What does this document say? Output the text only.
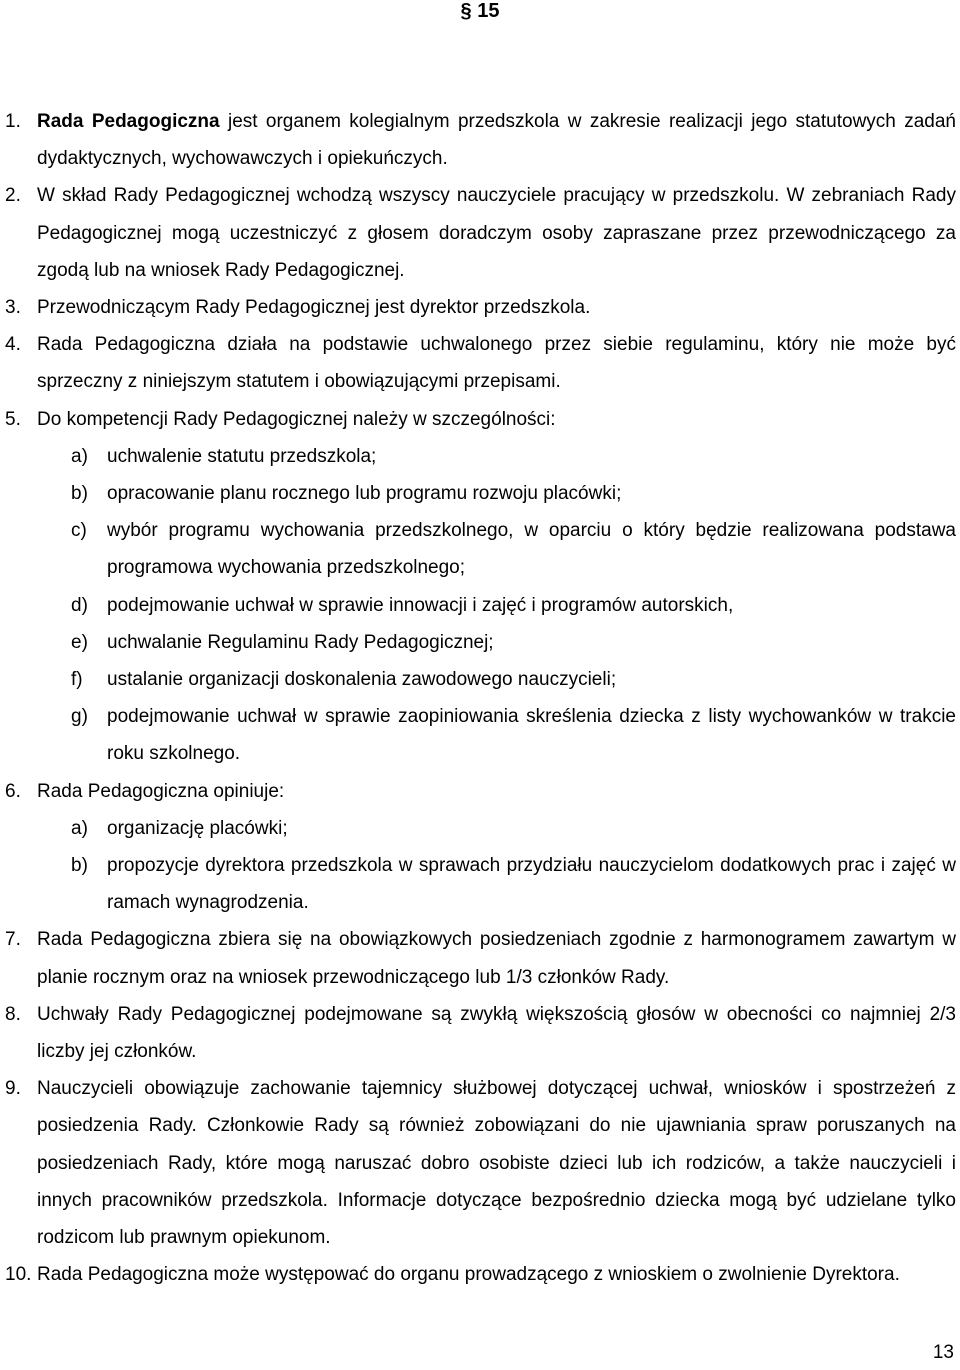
§ 15
1. Rada Pedagogiczna jest organem kolegialnym przedszkola w zakresie realizacji jego statutowych zadań dydaktycznych, wychowawczych i opiekuńczych.
2. W skład Rady Pedagogicznej wchodzą wszyscy nauczyciele pracujący w przedszkolu. W zebraniach Rady Pedagogicznej mogą uczestniczyć z głosem doradczym osoby zapraszane przez przewodniczącego za zgodą lub na wniosek Rady Pedagogicznej.
3. Przewodniczącym Rady Pedagogicznej jest dyrektor przedszkola.
4. Rada Pedagogiczna działa na podstawie uchwalonego przez siebie regulaminu, który nie może być sprzeczny z niniejszym statutem i obowiązującymi przepisami.
5. Do kompetencji Rady Pedagogicznej należy w szczególności:
a) uchwalenie statutu przedszkola;
b) opracowanie planu rocznego lub programu rozwoju placówki;
c) wybór programu wychowania przedszkolnego, w oparciu o który będzie realizowana podstawa programowa wychowania przedszkolnego;
d) podejmowanie uchwał w sprawie innowacji i zajęć i programów autorskich,
e) uchwalanie Regulaminu Rady Pedagogicznej;
f) ustalanie organizacji doskonalenia zawodowego nauczycieli;
g) podejmowanie uchwał w sprawie zaopiniowania skreślenia dziecka z listy wychowanków w trakcie roku szkolnego.
6. Rada Pedagogiczna opiniuje:
a) organizację placówki;
b) propozycje dyrektora przedszkola w sprawach przydziału nauczycielom dodatkowych prac i zajęć w ramach wynagrodzenia.
7. Rada Pedagogiczna zbiera się na obowiązkowych posiedzeniach zgodnie z harmonogramem zawartym w planie rocznym oraz na wniosek przewodniczącego lub 1/3 członków Rady.
8. Uchwały Rady Pedagogicznej podejmowane są zwykłą większością głosów w obecności co najmniej 2/3 liczby jej członków.
9. Nauczycieli obowiązuje zachowanie tajemnicy służbowej dotyczącej uchwał, wniosków i spostrzeżeń z posiedzenia Rady. Członkowie Rady są również zobowiązani do nie ujawniania spraw poruszanych na posiedzeniach Rady, które mogą naruszać dobro osobiste dzieci lub ich rodziców, a także nauczycieli i innych pracowników przedszkola. Informacje dotyczące bezpośrednio dziecka mogą być udzielane tylko rodzicom lub prawnym opiekunom.
10. Rada Pedagogiczna może występować do organu prowadzącego z wnioskiem o zwolnienie Dyrektora.
13
